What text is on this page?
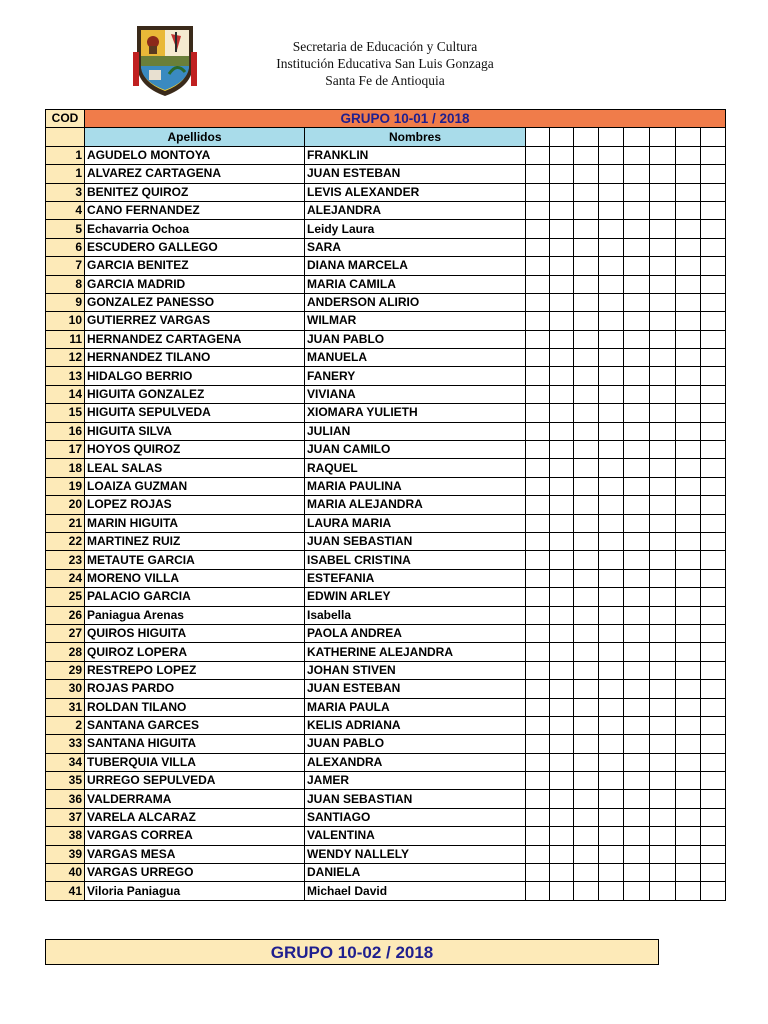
Secretaria de Educación y Cultura
Institución Educativa San Luis Gonzaga
Santa Fe de Antioquia
COD	GRUPO 10-01 / 2018									
	Apellidos	Nombres								
1	AGUDELO MONTOYA	FRANKLIN								
1	ALVAREZ CARTAGENA	JUAN ESTEBAN								
3	BENITEZ QUIROZ	LEVIS ALEXANDER								
4	CANO FERNANDEZ	ALEJANDRA								
5	Echavarria Ochoa	Leidy Laura								
6	ESCUDERO GALLEGO	SARA								
7	GARCIA BENITEZ	DIANA MARCELA								
8	GARCIA MADRID	MARIA CAMILA								
9	GONZALEZ PANESSO	ANDERSON ALIRIO								
10	GUTIERREZ VARGAS	WILMAR								
11	HERNANDEZ CARTAGENA	JUAN PABLO								
12	HERNANDEZ TILANO	MANUELA								
13	HIDALGO BERRIO	FANERY								
14	HIGUITA GONZALEZ	VIVIANA								
15	HIGUITA SEPULVEDA	XIOMARA YULIETH								
16	HIGUITA SILVA	JULIAN								
17	HOYOS QUIROZ	JUAN CAMILO								
18	LEAL SALAS	RAQUEL								
19	LOAIZA GUZMAN	MARIA PAULINA								
20	LOPEZ ROJAS	MARIA ALEJANDRA								
21	MARIN HIGUITA	LAURA MARIA								
22	MARTINEZ RUIZ	JUAN SEBASTIAN								
23	METAUTE GARCIA	ISABEL CRISTINA								
24	MORENO VILLA	ESTEFANIA								
25	PALACIO GARCIA	EDWIN ARLEY								
26	Paniagua Arenas	Isabella								
27	QUIROS HIGUITA	PAOLA ANDREA								
28	QUIROZ LOPERA	KATHERINE ALEJANDRA								
29	RESTREPO LOPEZ	JOHAN STIVEN								
30	ROJAS PARDO	JUAN ESTEBAN								
31	ROLDAN TILANO	MARIA PAULA								
2	SANTANA GARCES	KELIS ADRIANA								
33	SANTANA HIGUITA	JUAN PABLO								
34	TUBERQUIA VILLA	ALEXANDRA								
35	URREGO SEPULVEDA	JAMER								
36	VALDERRAMA	JUAN SEBASTIAN								
37	VARELA ALCARAZ	SANTIAGO								
38	VARGAS CORREA	VALENTINA								
39	VARGAS MESA	WENDY NALLELY								
40	VARGAS URREGO	DANIELA								
41	Viloria Paniagua	Michael David								
GRUPO 10-02 / 2018
